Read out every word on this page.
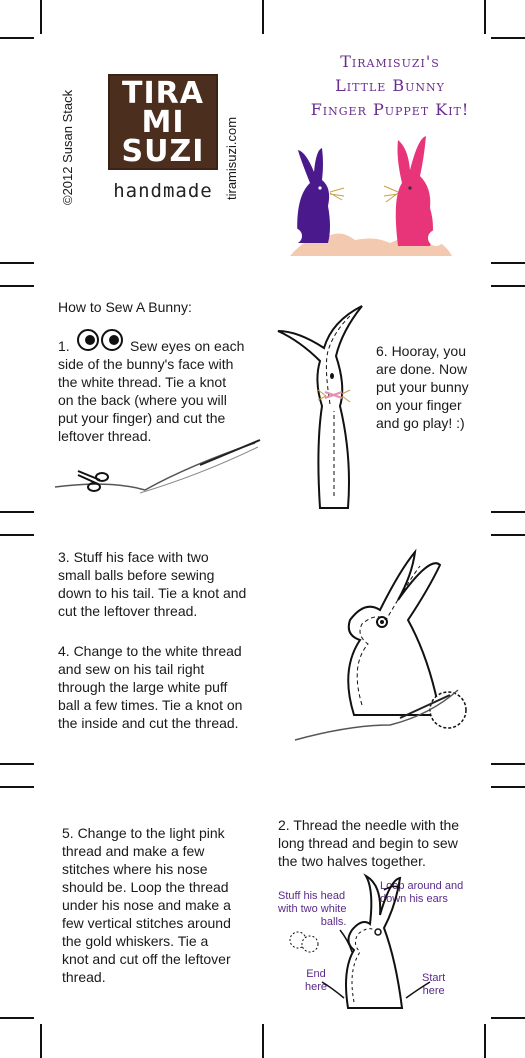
©2012 Susan Stack	TIRA
MI
SUZI
handmade tiramisuzi.com
Tiramisuzi's
Little Bunny
Finger Puppet Kit!
How to Sew A Bunny:
1.	Sew eyes on each
side of the bunny's face with
the white thread. Tie a knot
on the back (where you will
put your finger) and cut the
leftover thread.
6. Hooray, you
are done. Now
put your bunny
on your finger
and go play! :)
3. Stuff his face with two
small balls before sewing
down to his tail. Tie a knot and
cut the leftover thread.
4. Change to the white thread
and sew on his tail right
through the large white puff
ball a few times. Tie a knot on
the inside and cut the thread.
5. Change to the light pink
thread and make a few
stitches where his nose
should be. Loop the thread
under his nose and make a
few vertical stitches around
the gold whiskers. Tie a
knot and cut off the leftover
thread.
2. Thread the needle with the
long thread and begin to sew
the two halves together.
Stuff his head
with two white
balls.
Loop around and
down his ears
End
here
Start
here
